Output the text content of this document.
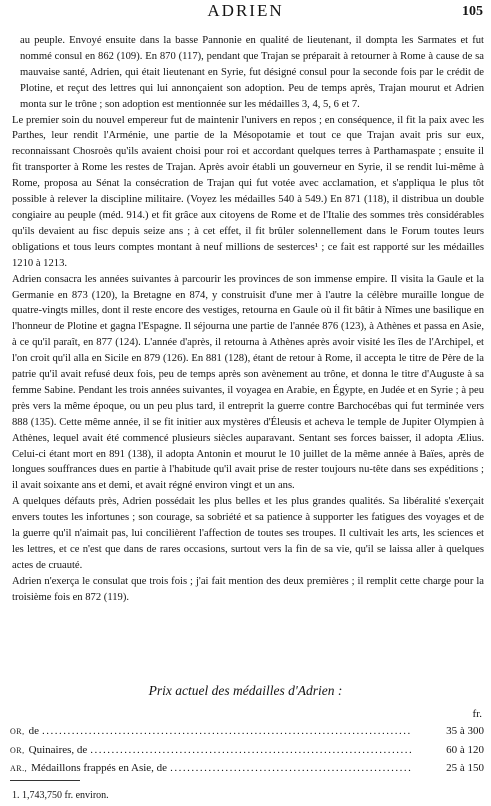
ADRIEN	105

au peuple. Envoyé ensuite dans la basse Pannonie en qualité de lieutenant, il dompta les Sarmates et fut nommé consul en 862 (109). En 870 (117), pendant que Trajan se préparait à retourner à Rome à cause de sa mauvaise santé, Adrien, qui était lieutenant en Syrie, fut désigné consul pour la seconde fois par le crédit de Plotine, et reçut des lettres qui lui annonçaient son adoption. Peu de temps après, Trajan mourut et Adrien monta sur le trône ; son adoption est mentionnée sur les médailles 3, 4, 5, 6 et 7.

Le premier soin du nouvel empereur fut de maintenir l'univers en repos ; en conséquence, il fit la paix avec les Parthes, leur rendit l'Arménie, une partie de la Mésopotamie et tout ce que Trajan avait pris sur eux, reconnaissant Chosroès qu'ils avaient choisi pour roi et accordant quelques terres à Parthamaspate ; ensuite il fit transporter à Rome les restes de Trajan. Après avoir établi un gouverneur en Syrie, il se rendit lui-même à Rome, proposa au Sénat la consécration de Trajan qui fut votée avec acclamation, et s'appliqua le plus tôt possible à relever la discipline militaire. (Voyez les médailles 540 à 549.) En 871 (118), il distribua un double congiaire au peuple (méd. 914.) et fit grâce aux citoyens de Rome et de l'Italie des sommes très considérables qu'ils devaient au fisc depuis seize ans ; à cet effet, il fit brûler solennellement dans le Forum toutes leurs obligations et tous leurs comptes montant à neuf millions de sesterces¹ ; ce fait est rapporté sur les médailles 1210 à 1213.

Adrien consacra les années suivantes à parcourir les provinces de son immense empire. Il visita la Gaule et la Germanie en 873 (120), la Bretagne en 874, y construisit d'une mer à l'autre la célèbre muraille longue de quatre-vingts milles, dont il reste encore des vestiges, retourna en Gaule où il fit bâtir à Nîmes une basilique en l'honneur de Plotine et gagna l'Espagne. Il séjourna une partie de l'année 876 (123), à Athènes et passa en Asie, à ce qu'il paraît, en 877 (124). L'année d'après, il retourna à Athènes après avoir visité les îles de l'Archipel, et l'on croit qu'il alla en Sicile en 879 (126). En 881 (128), étant de retour à Rome, il accepta le titre de Père de la patrie qu'il avait refusé deux fois, peu de temps après son avènement au trône, et donna le titre d'Auguste à sa femme Sabine. Pendant les trois années suivantes, il voyagea en Arabie, en Égypte, en Judée et en Syrie ; à peu près vers la même époque, ou un peu plus tard, il entreprit la guerre contre Barchocébas qui fut terminée vers 888 (135). Cette même année, il se fit initier aux mystères d'Éleusis et acheva le temple de Jupiter Olympien à Athènes, lequel avait été commencé plusieurs siècles auparavant. Sentant ses forces baisser, il adopta Ælius. Celui-ci étant mort en 891 (138), il adopta Antonin et mourut le 10 juillet de la même année à Baïes, après de longues souffrances dues en partie à l'habitude qu'il avait prise de rester toujours nu-tête dans ses expéditions ; il avait soixante ans et demi, et avait régné environ vingt et un ans.

A quelques défauts près, Adrien possédait les plus belles et les plus grandes qualités. Sa libéralité s'exerçait envers toutes les infortunes ; son courage, sa sobriété et sa patience à supporter les fatigues des voyages et de la guerre qu'il n'aimait pas, lui concilièrent l'affection de toutes ses troupes. Il cultivait les arts, les sciences et les lettres, et ce n'est que dans de rares occasions, surtout vers la fin de sa vie, qu'il se laissa aller à quelques actes de cruauté.

Adrien n'exerça le consulat que trois fois ; j'ai fait mention des deux premières ; il remplit cette charge pour la troisième fois en 872 (119).

Prix actuel des médailles d'Adrien :
fr.
OR, de .....	35 à 300
OR, Quinaires, de .....	60 à 120
AR., Médaillons frappés en Asie, de .....	25 à 150
1. 1,743,750 fr. environ.
